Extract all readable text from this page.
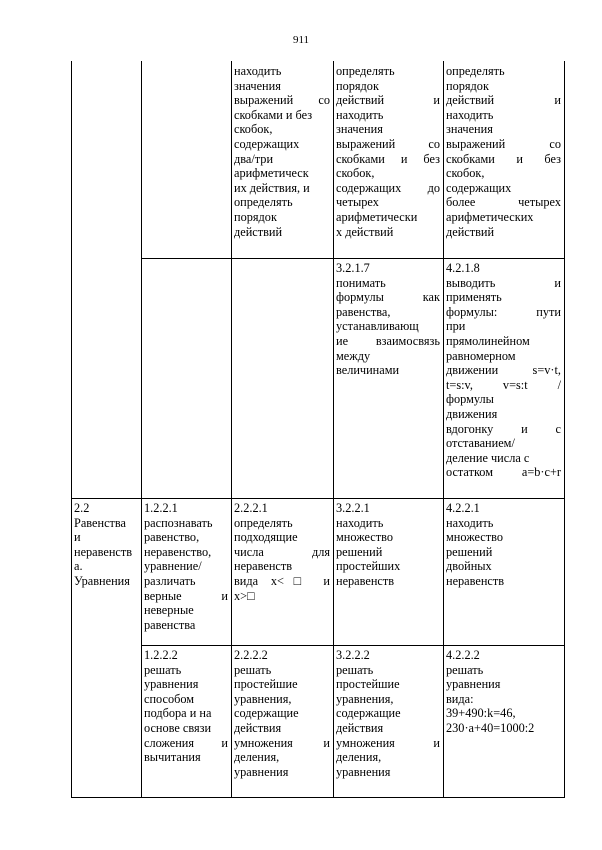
911
находить
значения
выражений со
скобками и без
скобок,
содержащих
два/три
арифметическ
их действия, и
определять
порядок
действий
определять
порядок
действий и
находить
значения
выражений со
скобками и без
скобок,
содержащих до
четырех
арифметически
х действий
определять
порядок
действий и
находить
значения
выражений со
скобками и без
скобок,
содержащих
более четырех
арифметических
действий
3.2.1.7
понимать
формулы как
равенства,
устанавливающ
ие взаимосвязь
между
величинами
4.2.1.8
выводить и
применять
формулы: пути
при
прямолинейном
равномерном
движении s=v·t,
t=s:v, v=s:t /
формулы
движения
вдогонку и с
отставанием/
деление числа с
остатком a=b·c+r
2.2
Равенства
и
неравенств
а.
Уравнения
1.2.2.1
распознавать
равенство,
неравенство,
уравнение/
различать
верные и
неверные
равенства
2.2.2.1
определять
подходящие
числа для
неравенств
вида x<□ и
x>□
3.2.2.1
находить
множество
решений
простейших
неравенств
4.2.2.1
находить
множество
решений
двойных
неравенств
1.2.2.2
решать
уравнения
способом
подбора и на
основе связи
сложения и
вычитания
2.2.2.2
решать
простейшие
уравнения,
содержащие
действия
умножения и
деления,
уравнения
3.2.2.2
решать
простейшие
уравнения,
содержащие
действия
умножения и
деления,
уравнения
4.2.2.2
решать
уравнения
вида:
39+490:k=46,
230·a+40=1000:2
